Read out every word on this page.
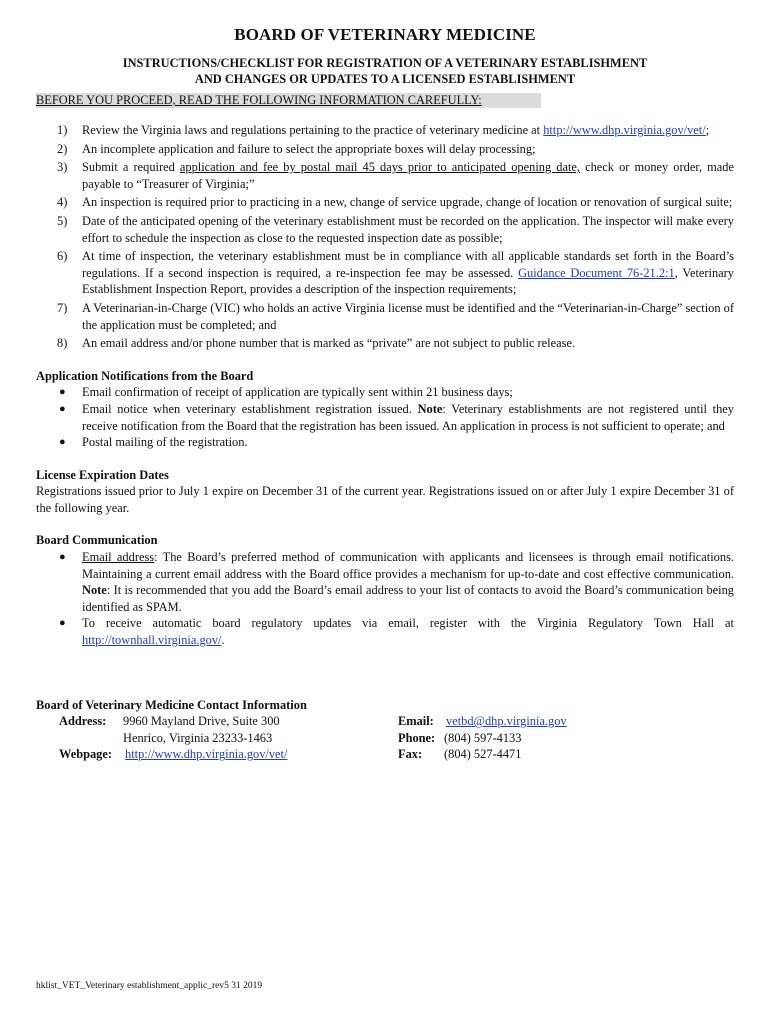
BOARD OF VETERINARY MEDICINE
INSTRUCTIONS/CHECKLIST FOR REGISTRATION OF A VETERINARY ESTABLISHMENT
AND CHANGES OR UPDATES TO A LICENSED ESTABLISHMENT
BEFORE YOU PROCEED, READ THE FOLLOWING INFORMATION CAREFULLY:
1) Review the Virginia laws and regulations pertaining to the practice of veterinary medicine at http://www.dhp.virginia.gov/vet/;
2) An incomplete application and failure to select the appropriate boxes will delay processing;
3) Submit a required application and fee by postal mail 45 days prior to anticipated opening date, check or money order, made payable to “Treasurer of Virginia;”
4) An inspection is required prior to practicing in a new, change of service upgrade, change of location or renovation of surgical suite;
5) Date of the anticipated opening of the veterinary establishment must be recorded on the application. The inspector will make every effort to schedule the inspection as close to the requested inspection date as possible;
6) At time of inspection, the veterinary establishment must be in compliance with all applicable standards set forth in the Board’s regulations. If a second inspection is required, a re-inspection fee may be assessed. Guidance Document 76-21.2:1, Veterinary Establishment Inspection Report, provides a description of the inspection requirements;
7) A Veterinarian-in-Charge (VIC) who holds an active Virginia license must be identified and the “Veterinarian-in-Charge” section of the application must be completed; and
8) An email address and/or phone number that is marked as “private” are not subject to public release.
Application Notifications from the Board
● Email confirmation of receipt of application are typically sent within 21 business days;
● Email notice when veterinary establishment registration issued. Note: Veterinary establishments are not registered until they receive notification from the Board that the registration has been issued. An application in process is not sufficient to operate; and
● Postal mailing of the registration.
License Expiration Dates
Registrations issued prior to July 1 expire on December 31 of the current year. Registrations issued on or after July 1 expire December 31 of the following year.
Board Communication
● Email address: The Board’s preferred method of communication with applicants and licensees is through email notifications. Maintaining a current email address with the Board office provides a mechanism for up-to-date and cost effective communication. Note: It is recommended that you add the Board’s email address to your list of contacts to avoid the Board’s communication being identified as SPAM.
● To receive automatic board regulatory updates via email, register with the Virginia Regulatory Town Hall at http://townhall.virginia.gov/.
Board of Veterinary Medicine Contact Information
Address:	9960 Mayland Drive, Suite 300
Henrico, Virginia 23233-1463
Webpage:	http://www.dhp.virginia.gov/vet/
Email: vetbd@dhp.virginia.gov
Phone: (804) 597-4133
Fax:	(804) 527-4471
hklist_VET_Veterinary establishment_applic_rev5 31 2019
